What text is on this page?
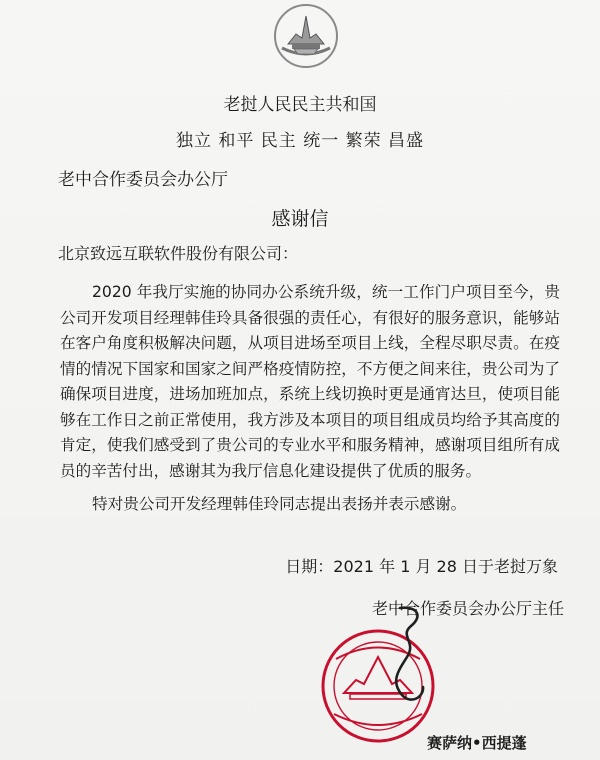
老挝人民民主共和国
独立 和平 民主 统一 繁荣 昌盛
老中合作委员会办公厅
感谢信
北京致远互联软件股份有限公司：

2020 年我厅实施的协同办公系统升级，统一工作门户项目至今，贵公司开发项目经理韩佳玲具备很强的责任心，有很好的服务意识，能够站在客户角度积极解决问题，从项目进场至项目上线，全程尽职尽责。在疫情的情况下国家和国家之间严格疫情防控，不方便之间来往，贵公司为了确保项目进度，进场加班加点，系统上线切换时更是通宵达旦，使项目能够在工作日之前正常使用，我方涉及本项目的项目组成员均给予其高度的肯定，使我们感受到了贵公司的专业水平和服务精神，感谢项目组所有成员的辛苦付出，感谢其为我厅信息化建设提供了优质的服务。

特对贵公司开发经理韩佳玲同志提出表扬并表示感谢。

日期：2021 年 1 月 28 日于老挝万象
老中合作委员会办公厅主任
赛萨纳•西提蓬
